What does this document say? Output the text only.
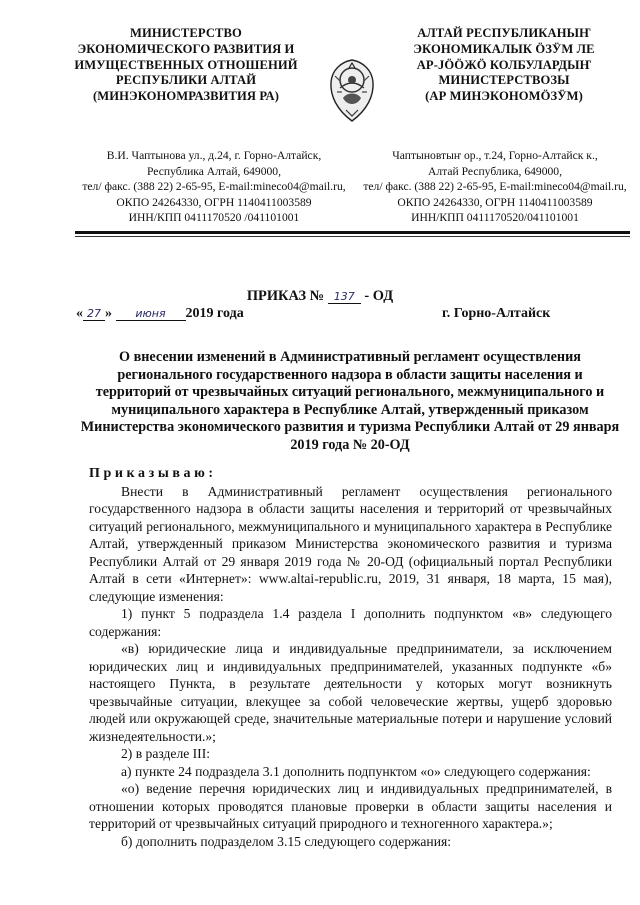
МИНИСТЕРСТВО
ЭКОНОМИЧЕСКОГО РАЗВИТИЯ И
ИМУЩЕСТВЕННЫХ ОТНОШЕНИЙ
РЕСПУБЛИКИ АЛТАЙ
(МИНЭКОНОМРАЗВИТИЯ РА)
АЛТАЙ РЕСПУБЛИКАНЫҤ
ЭКОНОМИКАЛЫК ӦЗӰМ ЛЕ
АР-ЈӦӦЖӦ КОЛБУЛАРДЫҤ
МИНИСТЕРСТВОЗЫ
(АР МИНЭКОНОМӦЗӰМ)
В.И. Чаптынова ул., д.24, г. Горно-Алтайск,
Республика Алтай, 649000,
тел/ факс. (388 22) 2-65-95, E-mail:mineco04@mail.ru,
ОКПО 24264330, ОГРН 1140411003589
ИНН/КПП 0411170520 /041101001
Чаптыновтыҥ ор., т.24, Горно-Алтайск к.,
Алтай Республика, 649000,
тел/ факс. (388 22) 2-65-95, E-mail:mineco04@mail.ru,
ОКПО 24264330, ОГРН 1140411003589
ИНН/КПП 0411170520/041101001
ПРИКАЗ № 137 - ОД
« 27 » июня 2019 года	г. Горно-Алтайск
О внесении изменений в Административный регламент осуществления регионального государственного надзора в области защиты населения и территорий от чрезвычайных ситуаций регионального, межмуниципального и муниципального характера в Республике Алтай, утвержденный приказом Министерства экономического развития и туризма Республики Алтай от 29 января 2019 года № 20-ОД

Приказываю:

Внести в Административный регламент осуществления регионального государственного надзора в области защиты населения и территорий от чрезвычайных ситуаций регионального, межмуниципального и муниципального характера в Республике Алтай, утвержденный приказом Министерства экономического развития и туризма Республики Алтай от 29 января 2019 года № 20-ОД (официальный портал Республики Алтай в сети «Интернет»: www.altai-republic.ru, 2019, 31 января, 18 марта, 15 мая), следующие изменения:

1) пункт 5 подраздела 1.4 раздела I дополнить подпунктом «в» следующего содержания:

«в) юридические лица и индивидуальные предприниматели, за исключением юридических лиц и индивидуальных предпринимателей, указанных подпункте «б» настоящего Пункта, в результате деятельности у которых могут возникнуть чрезвычайные ситуации, влекущее за собой человеческие жертвы, ущерб здоровью людей или окружающей среде, значительные материальные потери и нарушение условий жизнедеятельности.»;

2) в разделе III:

а) пункте 24 подраздела 3.1 дополнить подпунктом «о» следующего содержания:

«о) ведение перечня юридических лиц и индивидуальных предпринимателей, в отношении которых проводятся плановые проверки в области защиты населения и территорий от чрезвычайных ситуаций природного и техногенного характера.»;

б) дополнить подразделом 3.15 следующего содержания:
